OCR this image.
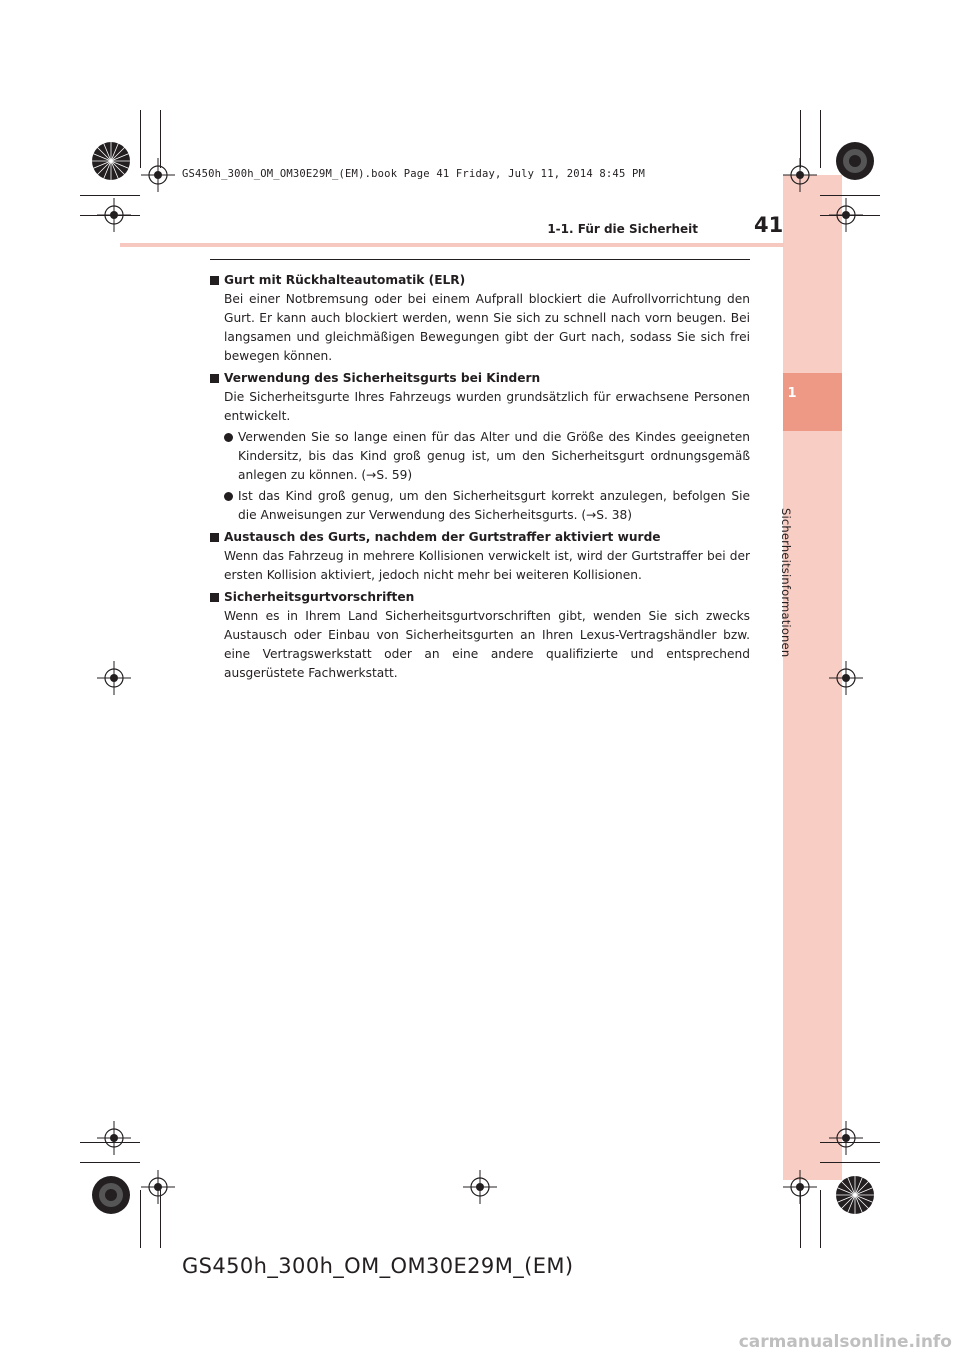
1
Sicherheitsinformationen
GS450h_300h_OM_OM30E29M_(EM).book Page 41 Friday, July 11, 2014 8:45 PM
1-1. Für die Sicherheit	41
Gurt mit Rückhalteautomatik (ELR)
Bei einer Notbremsung oder bei einem Aufprall blockiert die Aufrollvorrichtung den Gurt. Er kann auch blockiert werden, wenn Sie sich zu schnell nach vorn beugen. Bei langsamen und gleichmäßigen Bewegungen gibt der Gurt nach, sodass Sie sich frei bewegen können.
Verwendung des Sicherheitsgurts bei Kindern
Die Sicherheitsgurte Ihres Fahrzeugs wurden grundsätzlich für erwachsene Personen entwickelt.
Verwenden Sie so lange einen für das Alter und die Größe des Kindes geeigneten Kindersitz, bis das Kind groß genug ist, um den Sicherheitsgurt ordnungsgemäß anlegen zu können. (→S. 59)
Ist das Kind groß genug, um den Sicherheitsgurt korrekt anzulegen, befolgen Sie die Anweisungen zur Verwendung des Sicherheitsgurts. (→S. 38)
Austausch des Gurts, nachdem der Gurtstraffer aktiviert wurde
Wenn das Fahrzeug in mehrere Kollisionen verwickelt ist, wird der Gurtstraffer bei der ersten Kollision aktiviert, jedoch nicht mehr bei weiteren Kollisionen.
Sicherheitsgurtvorschriften
Wenn es in Ihrem Land Sicherheitsgurtvorschriften gibt, wenden Sie sich zwecks Austausch oder Einbau von Sicherheitsgurten an Ihren Lexus-Vertragshändler bzw. eine Vertragswerkstatt oder an eine andere qualifizierte und entsprechend ausgerüstete Fachwerkstatt.
GS450h_300h_OM_OM30E29M_(EM)
carmanualsonline.info
